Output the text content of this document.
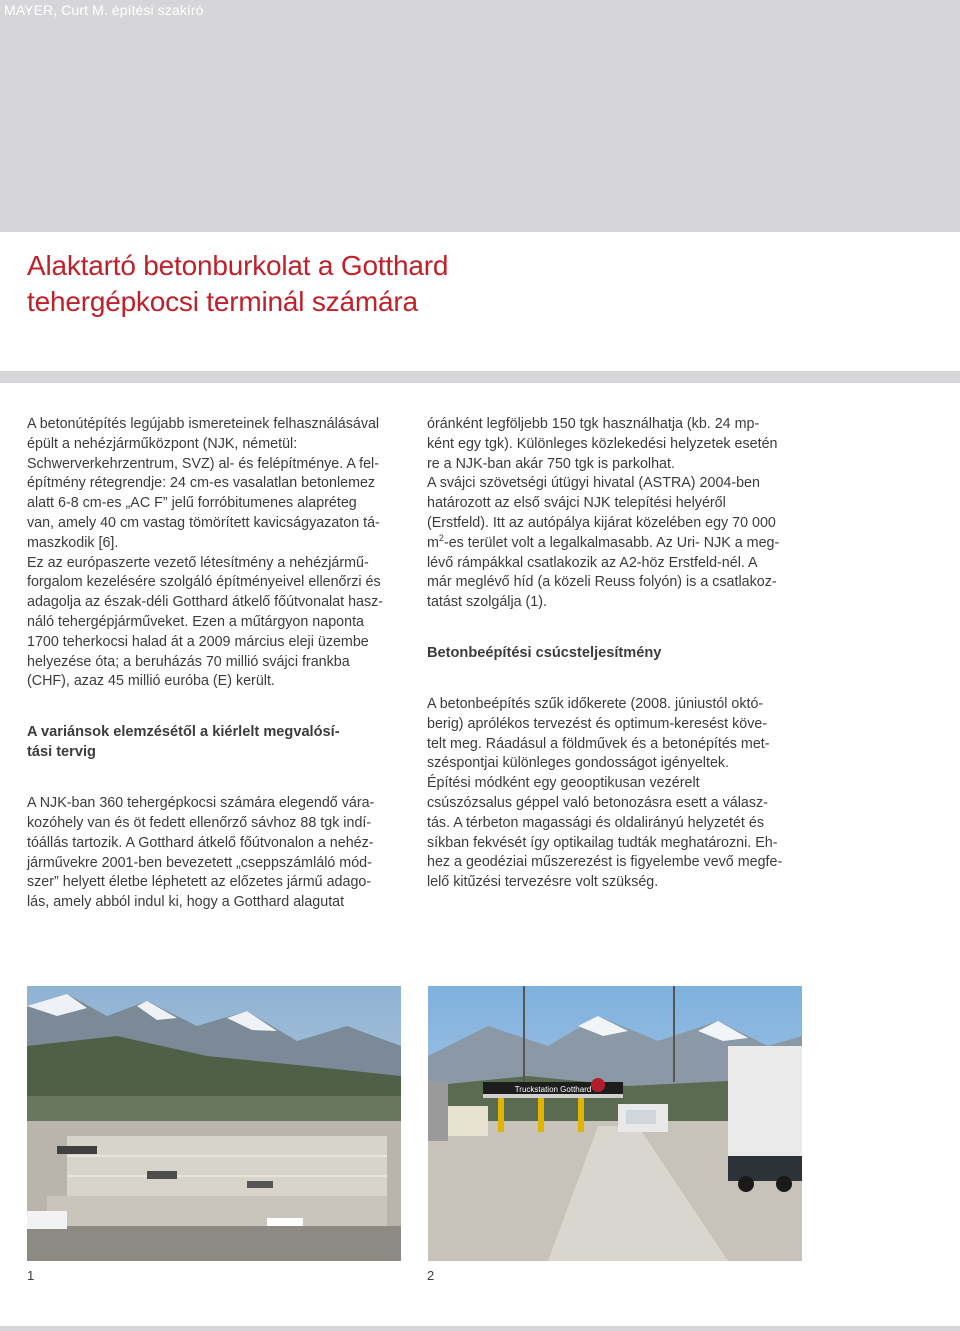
MAYER, Curt M. építési szakíró
Alaktartó betonburkolat a Gotthard
tehergépkocsi terminál számára

A betonútépítés legújabb ismereteinek felhasználásával
épült a nehézjárműközpont (NJK, németül:
Schwerverkehrzentrum, SVZ) al- és felépítménye. A fel-
építmény rétegrendje: 24 cm-es vasalatlan betonlemez
alatt 6-8 cm-es „AC F” jelű forróbitumenes alapréteg
van, amely 40 cm vastag tömörített kavicságyazaton tá-
maszkodik [6].

Ez az európaszerte vezető létesítmény a nehézjármű-
forgalom kezelésére szolgáló építményeivel ellenőrzi és
adagolja az észak-déli Gotthard átkelő főútvonalat hasz-
náló tehergépjárműveket. Ezen a műtárgyon naponta
1700 teherkocsi halad át a 2009 március eleji üzembe
helyezése óta; a beruházás 70 millió svájci frankba
(CHF), azaz 45 millió euróba (E) került.

A variánsok elemzésétől a kiérlelt megvalósí-
tási tervig

A NJK-ban 360 tehergépkocsi számára elegendő vára-
kozóhely van és öt fedett ellenőrző sávhoz 88 tgk indí-
tóállás tartozik. A Gotthard átkelő főútvonalon a nehéz-
járművekre 2001-ben bevezetett „cseppszámláló mód-
szer” helyett életbe léphetett az előzetes jármű adago-
lás, amely abból indul ki, hogy a Gotthard alagutat

óránként legföljebb 150 tgk használhatja (kb. 24 mp-
ként egy tgk). Különleges közlekedési helyzetek esetén
re a NJK-ban akár 750 tgk is parkolhat.

A svájci szövetségi útügyi hivatal (ASTRA) 2004-ben
határozott az első svájci NJK telepítési helyéről
(Erstfeld). Itt az autópálya kijárat közelében egy 70 000
$m^2-es$ terület volt a legalkalmasabb. Az Uri- NJK a meg-
lévő rámpákkal csatlakozik az A2-höz Erstfeld-nél. A
már meglévő híd (a közeli Reuss folyón) is a csatlakoz-
tatást szolgálja (1).

Betonbeépítési csúcsteljesítmény

A betonbeépítés szűk időkerete (2008. júniustól októ-
berig) aprólékos tervezést és optimum-keresést köve-
telt meg. Ráadásul a földművek és a betonépítés met-
széspontjai különleges gondosságot igényeltek.
Építési módként egy geooptikusan vezérelt
csúszózsalus géppel való betonozásra esett a válasz-
tás. A térbeton magassági és oldalirányú helyzetét és
síkban fekvését így optikailag tudták meghatározni. Eh-
hez a geodéziai műszerezést is figyelembe vevő megfe-
lelő kitűzési tervezésre volt szükség.

Truckstation Gotthard
1	2
